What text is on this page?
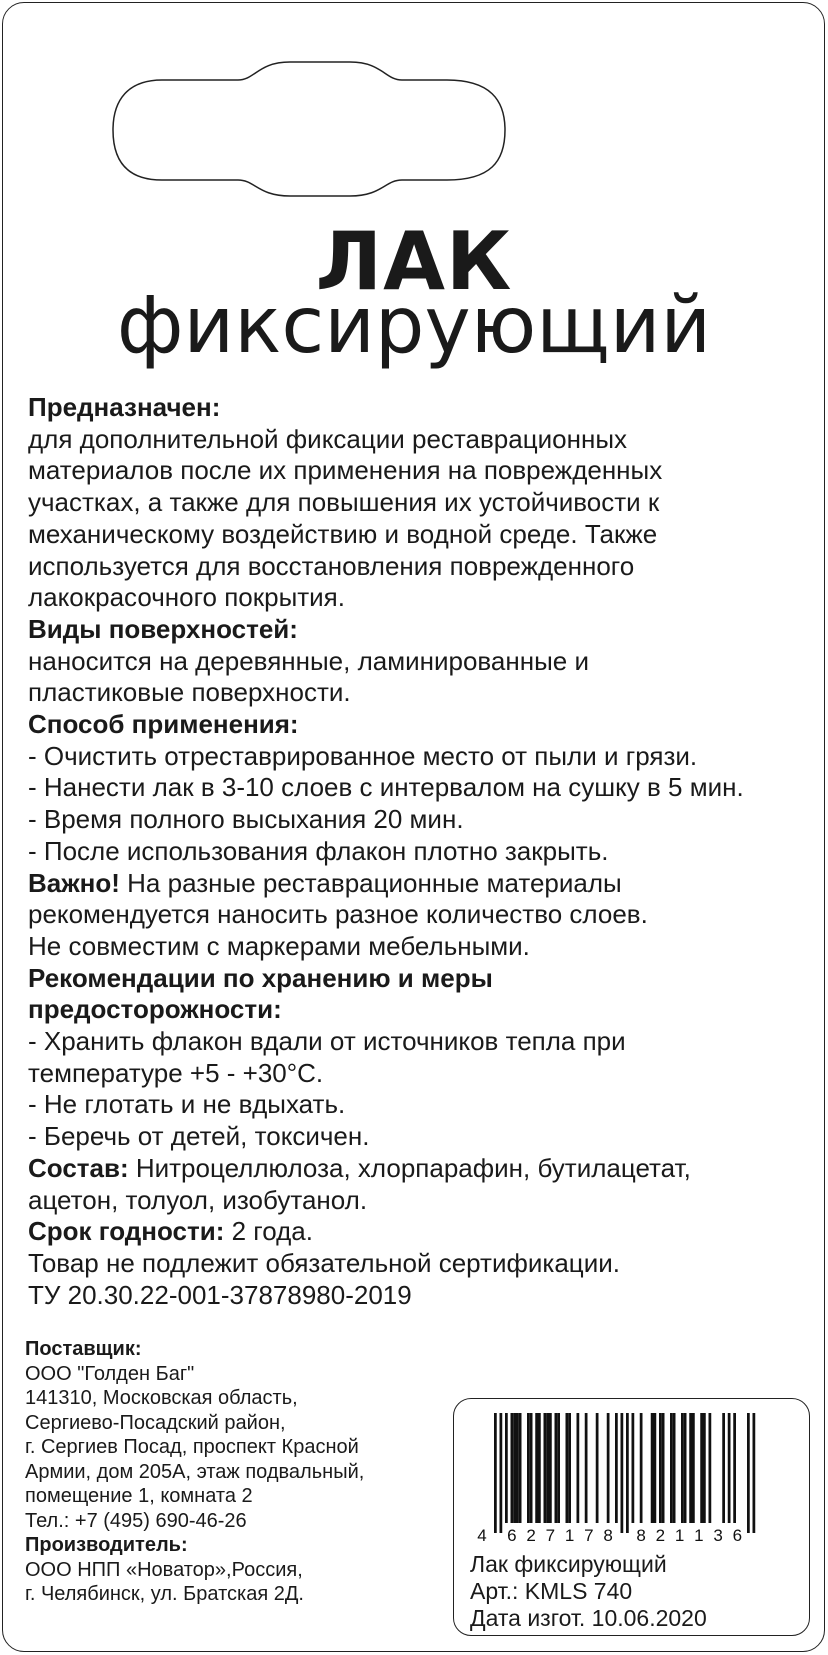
ЛАК
фиксирующий
Предназначен:
для дополнительной фиксации реставрационных
материалов после их применения на поврежденных
участках, а также для повышения их устойчивости к
механическому воздействию и водной среде. Также
используется для восстановления поврежденного
лакокрасочного покрытия.
Виды поверхностей:
наносится на деревянные, ламинированные и
пластиковые поверхности.
Способ применения:
- Очистить отреставрированное место от пыли и грязи.
- Нанести лак в 3-10 слоев с интервалом на сушку в 5 мин.
- Время полного высыхания 20 мин.
- После использования флакон плотно закрыть.
Важно! На разные реставрационные материалы
рекомендуется наносить разное количество слоев.
Не совместим с маркерами мебельными.
Рекомендации по хранению и меры
предосторожности:
- Хранить флакон вдали от источников тепла при
температуре +5 - +30°C.
- Не глотать и не вдыхать.
- Беречь от детей, токсичен.
Состав: Нитроцеллюлоза, хлорпарафин, бутилацетат,
ацетон, толуол, изобутанол.
Срок годности: 2 года.
Товар не подлежит обязательной сертификации.
ТУ 20.30.22-001-37878980-2019
Поставщик:
ООО "Голден Баг"
141310, Московская область,
Сергиево-Посадский район,
г. Сергиев Посад, проспект Красной
Армии, дом 205А, этаж подвальный,
помещение 1, комната 2
Тел.: +7 (495) 690-46-26
Производитель:
ООО НПП «Новатор»,Россия,
г. Челябинск, ул. Братская 2Д.
4 6 2 7 1 7 8 8 2 1 1 3 6
Лак фиксирующий
Арт.: KMLS 740
Дата изгот. 10.06.2020
